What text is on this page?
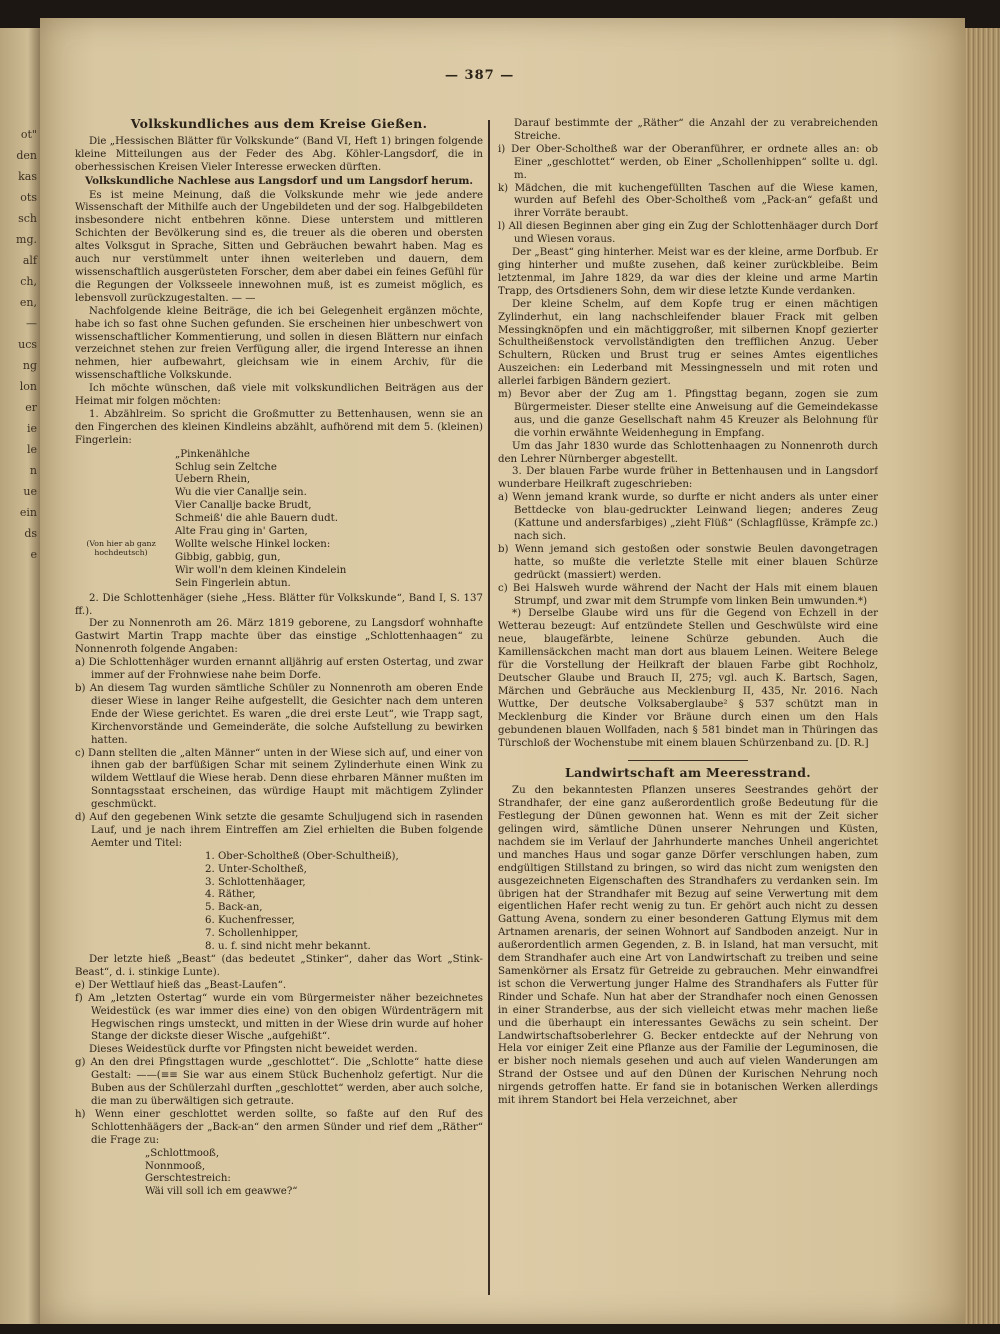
ot"
den
kas
ots
sch
mg.
alf
ch,
en,
—
ucs
ng
lon
er
ie
le
n
ue
ein
ds
e
— 387 —
Volkskundliches aus dem Kreise Gießen.

Die „Hessischen Blätter für Volkskunde“ (Band VI, Heft 1) bringen folgende kleine Mitteilungen aus der Feder des Abg. Köhler-Langsdorf, die in oberhessischen Kreisen Vieler Interesse erwecken dürften.

Volkskundliche Nachlese aus Langsdorf und um Langsdorf herum.

Es ist meine Meinung, daß die Volkskunde mehr wie jede andere Wissenschaft der Mithilfe auch der Ungebildeten und der sog. Halbgebildeten insbesondere nicht entbehren könne. Diese unterstem und mittleren Schichten der Bevölkerung sind es, die treuer als die oberen und obersten altes Volksgut in Sprache, Sitten und Gebräuchen bewahrt haben. Mag es auch nur verstümmelt unter ihnen weiterleben und dauern, dem wissenschaftlich ausgerüsteten Forscher, dem aber dabei ein feines Gefühl für die Regungen der Volksseele innewohnen muß, ist es zumeist möglich, es lebensvoll zurückzugestalten. — —

Nachfolgende kleine Beiträge, die ich bei Gelegenheit ergänzen möchte, habe ich so fast ohne Suchen gefunden. Sie erscheinen hier unbeschwert von wissenschaftlicher Kommentierung, und sollen in diesen Blättern nur einfach verzeichnet stehen zur freien Verfügung aller, die irgend Interesse an ihnen nehmen, hier aufbewahrt, gleichsam wie in einem Archiv, für die wissenschaftliche Volkskunde.

Ich möchte wünschen, daß viele mit volkskundlichen Beiträgen aus der Heimat mir folgen möchten:

1. Abzählreim. So spricht die Großmutter zu Bettenhausen, wenn sie an den Fingerchen des kleinen Kindleins abzählt, aufhörend mit dem 5. (kleinen) Fingerlein:

(Von hier ab ganz hochdeutsch)

„Pinkenählche

Schlug sein Zeltche

Uebern Rhein,

Wu die vier Canallje sein.

Vier Canallje backe Brudt,

Schmeiß' die ahle Bauern dudt.

Alte Frau ging in' Garten,

Wollte welsche Hinkel locken:

Gibbig, gabbig, gun,

Wir woll'n dem kleinen Kindelein

Sein Fingerlein abtun.

2. Die Schlottenhäger (siehe „Hess. Blätter für Volkskunde“, Band I, S. 137 ff.).

Der zu Nonnenroth am 26. März 1819 geborene, zu Langsdorf wohnhafte Gastwirt Martin Trapp machte über das einstige „Schlottenhaagen“ zu Nonnenroth folgende Angaben:

a) Die Schlottenhäger wurden ernannt alljährig auf ersten Ostertag, und zwar immer auf der Frohnwiese nahe beim Dorfe.

b) An diesem Tag wurden sämtliche Schüler zu Nonnenroth am oberen Ende dieser Wiese in langer Reihe aufgestellt, die Gesichter nach dem unteren Ende der Wiese gerichtet. Es waren „die drei erste Leut“, wie Trapp sagt, Kirchenvorstände und Gemeinderäte, die solche Aufstellung zu bewirken hatten.

c) Dann stellten die „alten Männer“ unten in der Wiese sich auf, und einer von ihnen gab der barfüßigen Schar mit seinem Zylinderhute einen Wink zu wildem Wettlauf die Wiese herab. Denn diese ehrbaren Männer mußten im Sonntagsstaat erscheinen, das würdige Haupt mit mächtigem Zylinder geschmückt.

d) Auf den gegebenen Wink setzte die gesamte Schuljugend sich in rasenden Lauf, und je nach ihrem Eintreffen am Ziel erhielten die Buben folgende Aemter und Titel:

1. Ober-Scholtheß (Ober-Schultheiß),

2. Unter-Scholtheß,

3. Schlottenhäager,

4. Räther,

5. Back-an,

6. Kuchenfresser,

7. Schollenhipper,

8. u. f. sind nicht mehr bekannt.

Der letzte hieß „Beast“ (das bedeutet „Stinker“, daher das Wort „Stink-Beast“, d. i. stinkige Lunte).

e) Der Wettlauf hieß das „Beast-Laufen“.

f) Am „letzten Ostertag“ wurde ein vom Bürgermeister näher bezeichnetes Weidestück (es war immer dies eine) von den obigen Würdenträgern mit Hegwischen rings umsteckt, und mitten in der Wiese drin wurde auf hoher Stange der dickste dieser Wische „aufgehißt“.

Dieses Weidestück durfte vor Pfingsten nicht beweidet werden.

g) An den drei Pfingsttagen wurde „geschlottet“. Die „Schlotte“ hatte diese Gestalt: ——(≡≡ Sie war aus einem Stück Buchenholz gefertigt. Nur die Buben aus der Schülerzahl durften „geschlottet“ werden, aber auch solche, die man zu überwältigen sich getraute.

h) Wenn einer geschlottet werden sollte, so faßte auf den Ruf des Schlottenhäägers der „Back-an“ den armen Sünder und rief dem „Räther“ die Frage zu:

„Schlottmooß,

Nonnmooß,

Gerschtestreich:

Wäi vill soll ich em geawwe?“

Darauf bestimmte der „Räther“ die Anzahl der zu verabreichenden Streiche.

i) Der Ober-Scholtheß war der Oberanführer, er ordnete alles an: ob Einer „geschlottet“ werden, ob Einer „Schollenhippen“ sollte u. dgl. m.

k) Mädchen, die mit kuchengefüllten Taschen auf die Wiese kamen, wurden auf Befehl des Ober-Scholtheß vom „Pack-an“ gefaßt und ihrer Vorräte beraubt.

l) All diesen Beginnen aber ging ein Zug der Schlottenhäager durch Dorf und Wiesen voraus.

Der „Beast“ ging hinterher. Meist war es der kleine, arme Dorfbub. Er ging hinterher und mußte zusehen, daß keiner zurückbleibe. Beim letztenmal, im Jahre 1829, da war dies der kleine und arme Martin Trapp, des Ortsdieners Sohn, dem wir diese letzte Kunde verdanken.

Der kleine Schelm, auf dem Kopfe trug er einen mächtigen Zylinderhut, ein lang nachschleifender blauer Frack mit gelben Messingknöpfen und ein mächtiggroßer, mit silbernen Knopf gezierter Schultheißenstock vervollständigten den trefflichen Anzug. Ueber Schultern, Rücken und Brust trug er seines Amtes eigentliches Auszeichen: ein Lederband mit Messingnesseln und mit roten und allerlei farbigen Bändern geziert.

m) Bevor aber der Zug am 1. Pfingsttag begann, zogen sie zum Bürgermeister. Dieser stellte eine Anweisung auf die Gemeindekasse aus, und die ganze Gesellschaft nahm 45 Kreuzer als Belohnung für die vorhin erwähnte Weidenhegung in Empfang.

Um das Jahr 1830 wurde das Schlottenhaagen zu Nonnenroth durch den Lehrer Nürnberger abgestellt.

3. Der blauen Farbe wurde früher in Bettenhausen und in Langsdorf wunderbare Heilkraft zugeschrieben:

a) Wenn jemand krank wurde, so durfte er nicht anders als unter einer Bettdecke von blau-gedruckter Leinwand liegen; anderes Zeug (Kattune und andersfarbiges) „zieht Flüß“ (Schlagflüsse, Krämpfe zc.) nach sich.

b) Wenn jemand sich gestoßen oder sonstwie Beulen davongetragen hatte, so mußte die verletzte Stelle mit einer blauen Schürze gedrückt (massiert) werden.

c) Bei Halsweh wurde während der Nacht der Hals mit einem blauen Strumpf, und zwar mit dem Strumpfe vom linken Bein umwunden.*)

*) Derselbe Glaube wird uns für die Gegend von Echzell in der Wetterau bezeugt: Auf entzündete Stellen und Geschwülste wird eine neue, blaugefärbte, leinene Schürze gebunden. Auch die Kamillensäckchen macht man dort aus blauem Leinen. Weitere Belege für die Vorstellung der Heilkraft der blauen Farbe gibt Rochholz, Deutscher Glaube und Brauch II, 275; vgl. auch K. Bartsch, Sagen, Märchen und Gebräuche aus Mecklenburg II, 435, Nr. 2016. Nach Wuttke, Der deutsche Volksaberglaube² § 537 schützt man in Mecklenburg die Kinder vor Bräune durch einen um den Hals gebundenen blauen Wollfaden, nach § 581 bindet man in Thüringen das Türschloß der Wochenstube mit einem blauen Schürzenband zu. [D. R.]

Landwirtschaft am Meeresstrand.

Zu den bekanntesten Pflanzen unseres Seestrandes gehört der Strandhafer, der eine ganz außerordentlich große Bedeutung für die Festlegung der Dünen gewonnen hat. Wenn es mit der Zeit sicher gelingen wird, sämtliche Dünen unserer Nehrungen und Küsten, nachdem sie im Verlauf der Jahrhunderte manches Unheil angerichtet und manches Haus und sogar ganze Dörfer verschlungen haben, zum endgültigen Stillstand zu bringen, so wird das nicht zum wenigsten den ausgezeichneten Eigenschaften des Strandhafers zu verdanken sein. Im übrigen hat der Strandhafer mit Bezug auf seine Verwertung mit dem eigentlichen Hafer recht wenig zu tun. Er gehört auch nicht zu dessen Gattung Avena, sondern zu einer besonderen Gattung Elymus mit dem Artnamen arenaris, der seinen Wohnort auf Sandboden anzeigt. Nur in außerordentlich armen Gegenden, z. B. in Island, hat man versucht, mit dem Strandhafer auch eine Art von Landwirtschaft zu treiben und seine Samenkörner als Ersatz für Getreide zu gebrauchen. Mehr einwandfrei ist schon die Verwertung junger Halme des Strandhafers als Futter für Rinder und Schafe. Nun hat aber der Strandhafer noch einen Genossen in einer Stranderbse, aus der sich vielleicht etwas mehr machen ließe und die überhaupt ein interessantes Gewächs zu sein scheint. Der Landwirtschaftsoberlehrer G. Becker entdeckte auf der Nehrung von Hela vor einiger Zeit eine Pflanze aus der Familie der Leguminosen, die er bisher noch niemals gesehen und auch auf vielen Wanderungen am Strand der Ostsee und auf den Dünen der Kurischen Nehrung noch nirgends getroffen hatte. Er fand sie in botanischen Werken allerdings mit ihrem Standort bei Hela verzeichnet, aber
